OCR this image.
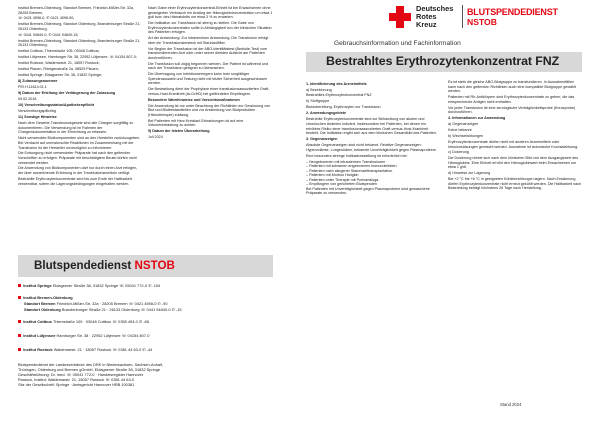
Deutsches
Rotes
Kreuz
BLUTSPENDEDIENST
NSTOB
Gebrauchsinformation und Fachinformation
Bestrahltes Erythrozytenkonzentrat FNZ

Institut Bremen-Oldenburg, Standort Bremen, Friedrich-Mißler-Str. 32a, 28205 Bremen,

☏ 0421 4598-0, ✆ 0421 4598-90;

Institut Bremen-Oldenburg, Standort Oldenburg, Brandenburger Straße 21, 26133 Oldenburg,

☏ 0441 94840-0, ✆ 0441 94840-15;

Institut Bremen-Oldenburg, Standort Oldenburg, Brandenburger Straße 21, 26133 Oldenburg;

Institut Cottbus, Thiemstraße 105, 03048 Cottbus;

Institut Lütjensee, Hamburger Str. 38, 22952 Lütjensee, ☏ 04154 807-0;

Institut Rostock, Waldemarstr. 21, 18057 Rostock;

Institut Plauen, Röntgenstraße 2a, 08529 Plauen;

Institut Springe, Eldagsener Str. 38, 31832 Springe;

8) Zulassungsnummer

PEI.H.11814.01.1

9) Datum der Erteilung der Verlängerung der Zulassung

09.02.2018

10) Verschreibungsstatus/Apothekenpflicht

Verschreibungspflichtig

11) Sonstige Hinweise

Nach dem Gewebe-Transfusionsgesetz sind alle Chargen sorgfältig zu dokumentieren. Die Verwendung ist im Rahmen der Chargendokumentation in der Einrichtung zu erfassen.

Nicht verwendete Blutkomponenten sind an den Hersteller zurückzugeben. Bei Verdacht auf unerwünschte Reaktionen im Zusammenhang mit der Transfusion ist der Hersteller unverzüglich zu informieren.

Die Entsorgung nicht verwendeter Präparate hat nach den geltenden Vorschriften zu erfolgen. Präparate mit beschädigtem Beutel dürfen nicht verwendet werden.

Die Anwendung von Blutkomponenten darf nur durch einen Arzt erfolgen, der über ausreichende Erfahrung in der Transfusionsmedizin verfügt.

Bestrahlte Erythrozytenkonzentrate sind bis zum Ende der Haltbarkeit verwendbar, sofern die Lagerungsbedingungen eingehalten werden.

Nach Gabe einer Erythrozytenkonzentrat-Einheit ist bei Erwachsenen ohne gesteigerten Verbrauch ein Anstieg der Hämoglobinkonzentration um etwa 1 g/dl bzw. des Hämatokrits um etwa 3 % zu erwarten.

Die Indikation zur Transfusion ist streng zu stellen. Die Gabe von Erythrozytenkonzentraten sollte in Abhängigkeit von der klinischen Situation des Patienten erfolgen.

Art der Anwendung: Zur intravenösen Anwendung. Die Transfusion erfolgt über ein Transfusionsbesteck mit Standardfilter.

Vor Beginn der Transfusion ist der ABO-Identitätstest (Bedside-Test) vom transfundierenden Arzt oder unter seiner direkten Aufsicht am Patienten durchzuführen.

Die Transfusion soll zügig begonnen werden. Der Patient ist während und nach der Transfusion geeignet zu überwachen.

Die Übertragung von Infektionserregern kann trotz sorgfältiger Spenderauswahl und Testung nicht mit letzter Sicherheit ausgeschlossen werden.

Die Bestrahlung dient der Prophylaxe einer transfusionsassoziierten Graft-versus-Host-Krankheit (ta-GvHD) bei gefährdeten Empfängern.

Besondere Warnhinweise und Vorsichtsmaßnahmen

Die Anwendung ist nur unter Beachtung der Richtlinien zur Gewinnung von Blut und Blutbestandteilen und zur Anwendung von Blutprodukten (Hämotherapie) zulässig.

Bei Patienten mit Herz-Kreislauf-Erkrankungen ist auf eine Volumenbelastung zu achten.

9) Datum der letzten Überarbeitung

Juli 2024

Blutspendedienst NSTOB
Institut Springe Eldagsener Straße 38, 31832 Springe ☏ 05041 772-0 ✆ -154
Institut Bremen-Oldenburg
Standort Bremen Friedrich-Mißler-Str. 32a · 28205 Bremen ☏ 0421 4598-0 ✆ -90
Standort Oldenburg Brandenburger Straße 21 · 26133 Oldenburg ☏ 0441 94840-0 ✆ -15
Institut Cottbus Thiemstraße 105 · 03048 Cottbus ☏ 0355 494-0 ✆ -88
Institut Lütjensee Hamburger Str. 38 · 22952 Lütjensee ☏ 04154 807-0
Institut Rostock Waldemarstr. 21 · 18057 Rostock ☏ 0381 44 63-0 ✆ -44
Blutspendedienst der Landesverbände des DRK in Niedersachsen, Sachsen-Anhalt,
Thüringen, Oldenburg und Bremen gGmbH, Eldagsener Straße 38, 31832 Springe
Geschäftsführung: Dr. med. ☏ 05041 772-0 · Handelsregister Hannover
Rostock, Institut: Waldemarstr. 21, 18057 Rostock ☏ 0381 44 63-0
Sitz der Gesellschaft: Springe · Amtsgericht Hannover HRB 100381

1. Identifizierung des Arzneimittels

a) Bezeichnung

Bestrahltes Erythrozytenkonzentrat FNZ

b) Stoffgruppe

Blutzubereitung, Erythrozyten zur Transfusion

2. Anwendungsgebiete

Bestrahlte Erythrozytenkonzentrate sind zur Behandlung von akuten und chronischen Anämien indiziert, insbesondere bei Patienten, bei denen ein erhöhtes Risiko einer transfusionsassoziierten Graft-versus-Host-Krankheit besteht. Die Indikation ergibt sich aus dem klinischen Gesamtbild des Patienten.

3. Gegenanzeigen

Absolute Gegenanzeigen sind nicht bekannt. Relative Gegenanzeigen: Hypervolämie, Lungenödem, bekannte Unverträglichkeit gegen Plasmaproteine.

Eine besonders strenge Indikationsstellung ist erforderlich bei:

– Neugeborenen mit intrauterinen Transfusionen
– Patienten mit schweren angeborenen Immundefekten
– Patienten nach allogener Stammzelltransplantation
– Patienten mit Morbus Hodgkin
– Patienten unter Therapie mit Purinanaloga
– Empfängern von gerichteten Blutspenden

Bei Patienten mit Unverträglichkeit gegen Plasmaproteine sind gewaschene Präparate zu verwenden.

Es ist stets die gleiche ABO-Blutgruppe zu transfundieren. In Ausnahmefällen kann nach den geltenden Richtlinien auch eine kompatible Blutgruppe gewählt werden.

Patienten mit Rh-Antikörpern sind Erythrozytenkonzentrate zu geben, die das entsprechende Antigen nicht enthalten.

Vor jeder Transfusion ist eine serologische Verträglichkeitsprobe (Kreuzprobe) durchzuführen.

4. Informationen zur Anwendung

a) Gegenanzeigen

Keine bekannt

b) Wechselwirkungen

Erythrozytenkonzentrate dürfen nicht mit anderen Arzneimitteln oder Infusionslösungen gemischt werden. Ausnahme ist isotonische Kochsalzlösung.

c) Dosierung

Die Dosierung richtet sich nach dem klinischen Bild und dem Ausgangswert des Hämoglobins. Eine Einheit erhöht den Hämoglobinwert beim Erwachsenen um etwa 1 g/dl.

d) Hinweise zur Lagerung

Bei +2 °C bis +6 °C in geeigneten Kühleinrichtungen lagern. Nach Erwärmung dürfen Erythrozytenkonzentrate nicht erneut gekühlt werden. Die Haltbarkeit nach Bestrahlung beträgt höchstens 28 Tage nach Herstellung.

Stand 2024
